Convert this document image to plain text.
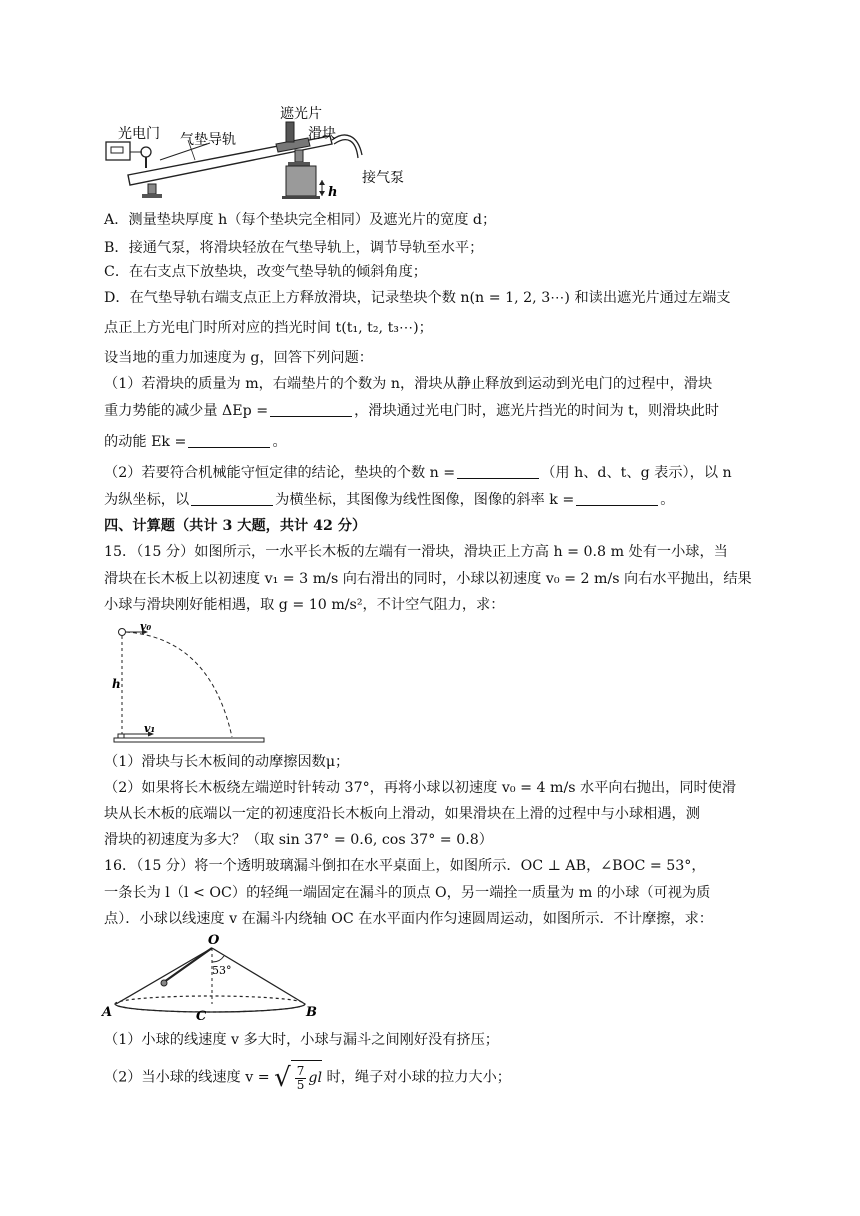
光电门 气垫导轨
遮光片
滑块
接气泵
h
A．测量垫块厚度 h（每个垫块完全相同）及遮光片的宽度 d；
B．接通气泵，将滑块轻放在气垫导轨上，调节导轨至水平；
C．在右支点下放垫块，改变气垫导轨的倾斜角度；
D．在气垫导轨右端支点正上方释放滑块，记录垫块个数 n(n = 1, 2, 3⋯) 和读出遮光片通过左端支
点正上方光电门时所对应的挡光时间 t(t₁, t₂, t₃⋯)；
设当地的重力加速度为 g，回答下列问题：
（1）若滑块的质量为 m，右端垫片的个数为 n，滑块从静止释放到运动到光电门的过程中，滑块
重力势能的减少量 ΔEp =	，滑块通过光电门时，遮光片挡光的时间为 t，则滑块此时
的动能 Ek =	。
（2）若要符合机械能守恒定律的结论，垫块的个数 n =	（用 h、d、t、g 表示），以 n
为纵坐标，以	为横坐标，其图像为线性图像，图像的斜率 k =	。
四、计算题（共计 3 大题，共计 42 分）
15．（15 分）如图所示，一水平长木板的左端有一滑块，滑块正上方高 h = 0.8 m 处有一小球，当
滑块在长木板上以初速度 v₁ = 3 m/s 向右滑出的同时，小球以初速度 v₀ = 2 m/s 向右水平抛出，结果
小球与滑块刚好能相遇，取 g = 10 m/s²，不计空气阻力，求：
v₀
h
v₁
（1）滑块与长木板间的动摩擦因数μ；
（2）如果将长木板绕左端逆时针转动 37°，再将小球以初速度 v₀ = 4 m/s 水平向右抛出，同时使滑
块从长木板的底端以一定的初速度沿长木板向上滑动，如果滑块在上滑的过程中与小球相遇，测
滑块的初速度为多大？（取 sin 37° = 0.6, cos 37° = 0.8）
16．（15 分）将一个透明玻璃漏斗倒扣在水平桌面上，如图所示．OC ⊥ AB，∠BOC = 53°，
一条长为 l（l < OC）的轻绳一端固定在漏斗的顶点 O，另一端拴一质量为 m 的小球（可视为质
点）．小球以线速度 v 在漏斗内绕轴 OC 在水平面内作匀速圆周运动，如图所示．不计摩擦，求：
O
53°
A	C	B
（1）小球的线速度 v 多大时，小球与漏斗之间刚好没有挤压；
（2）当小球的线速度 v = √ $\frac{7}{5}$ gl 时，绳子对小球的拉力大小；
